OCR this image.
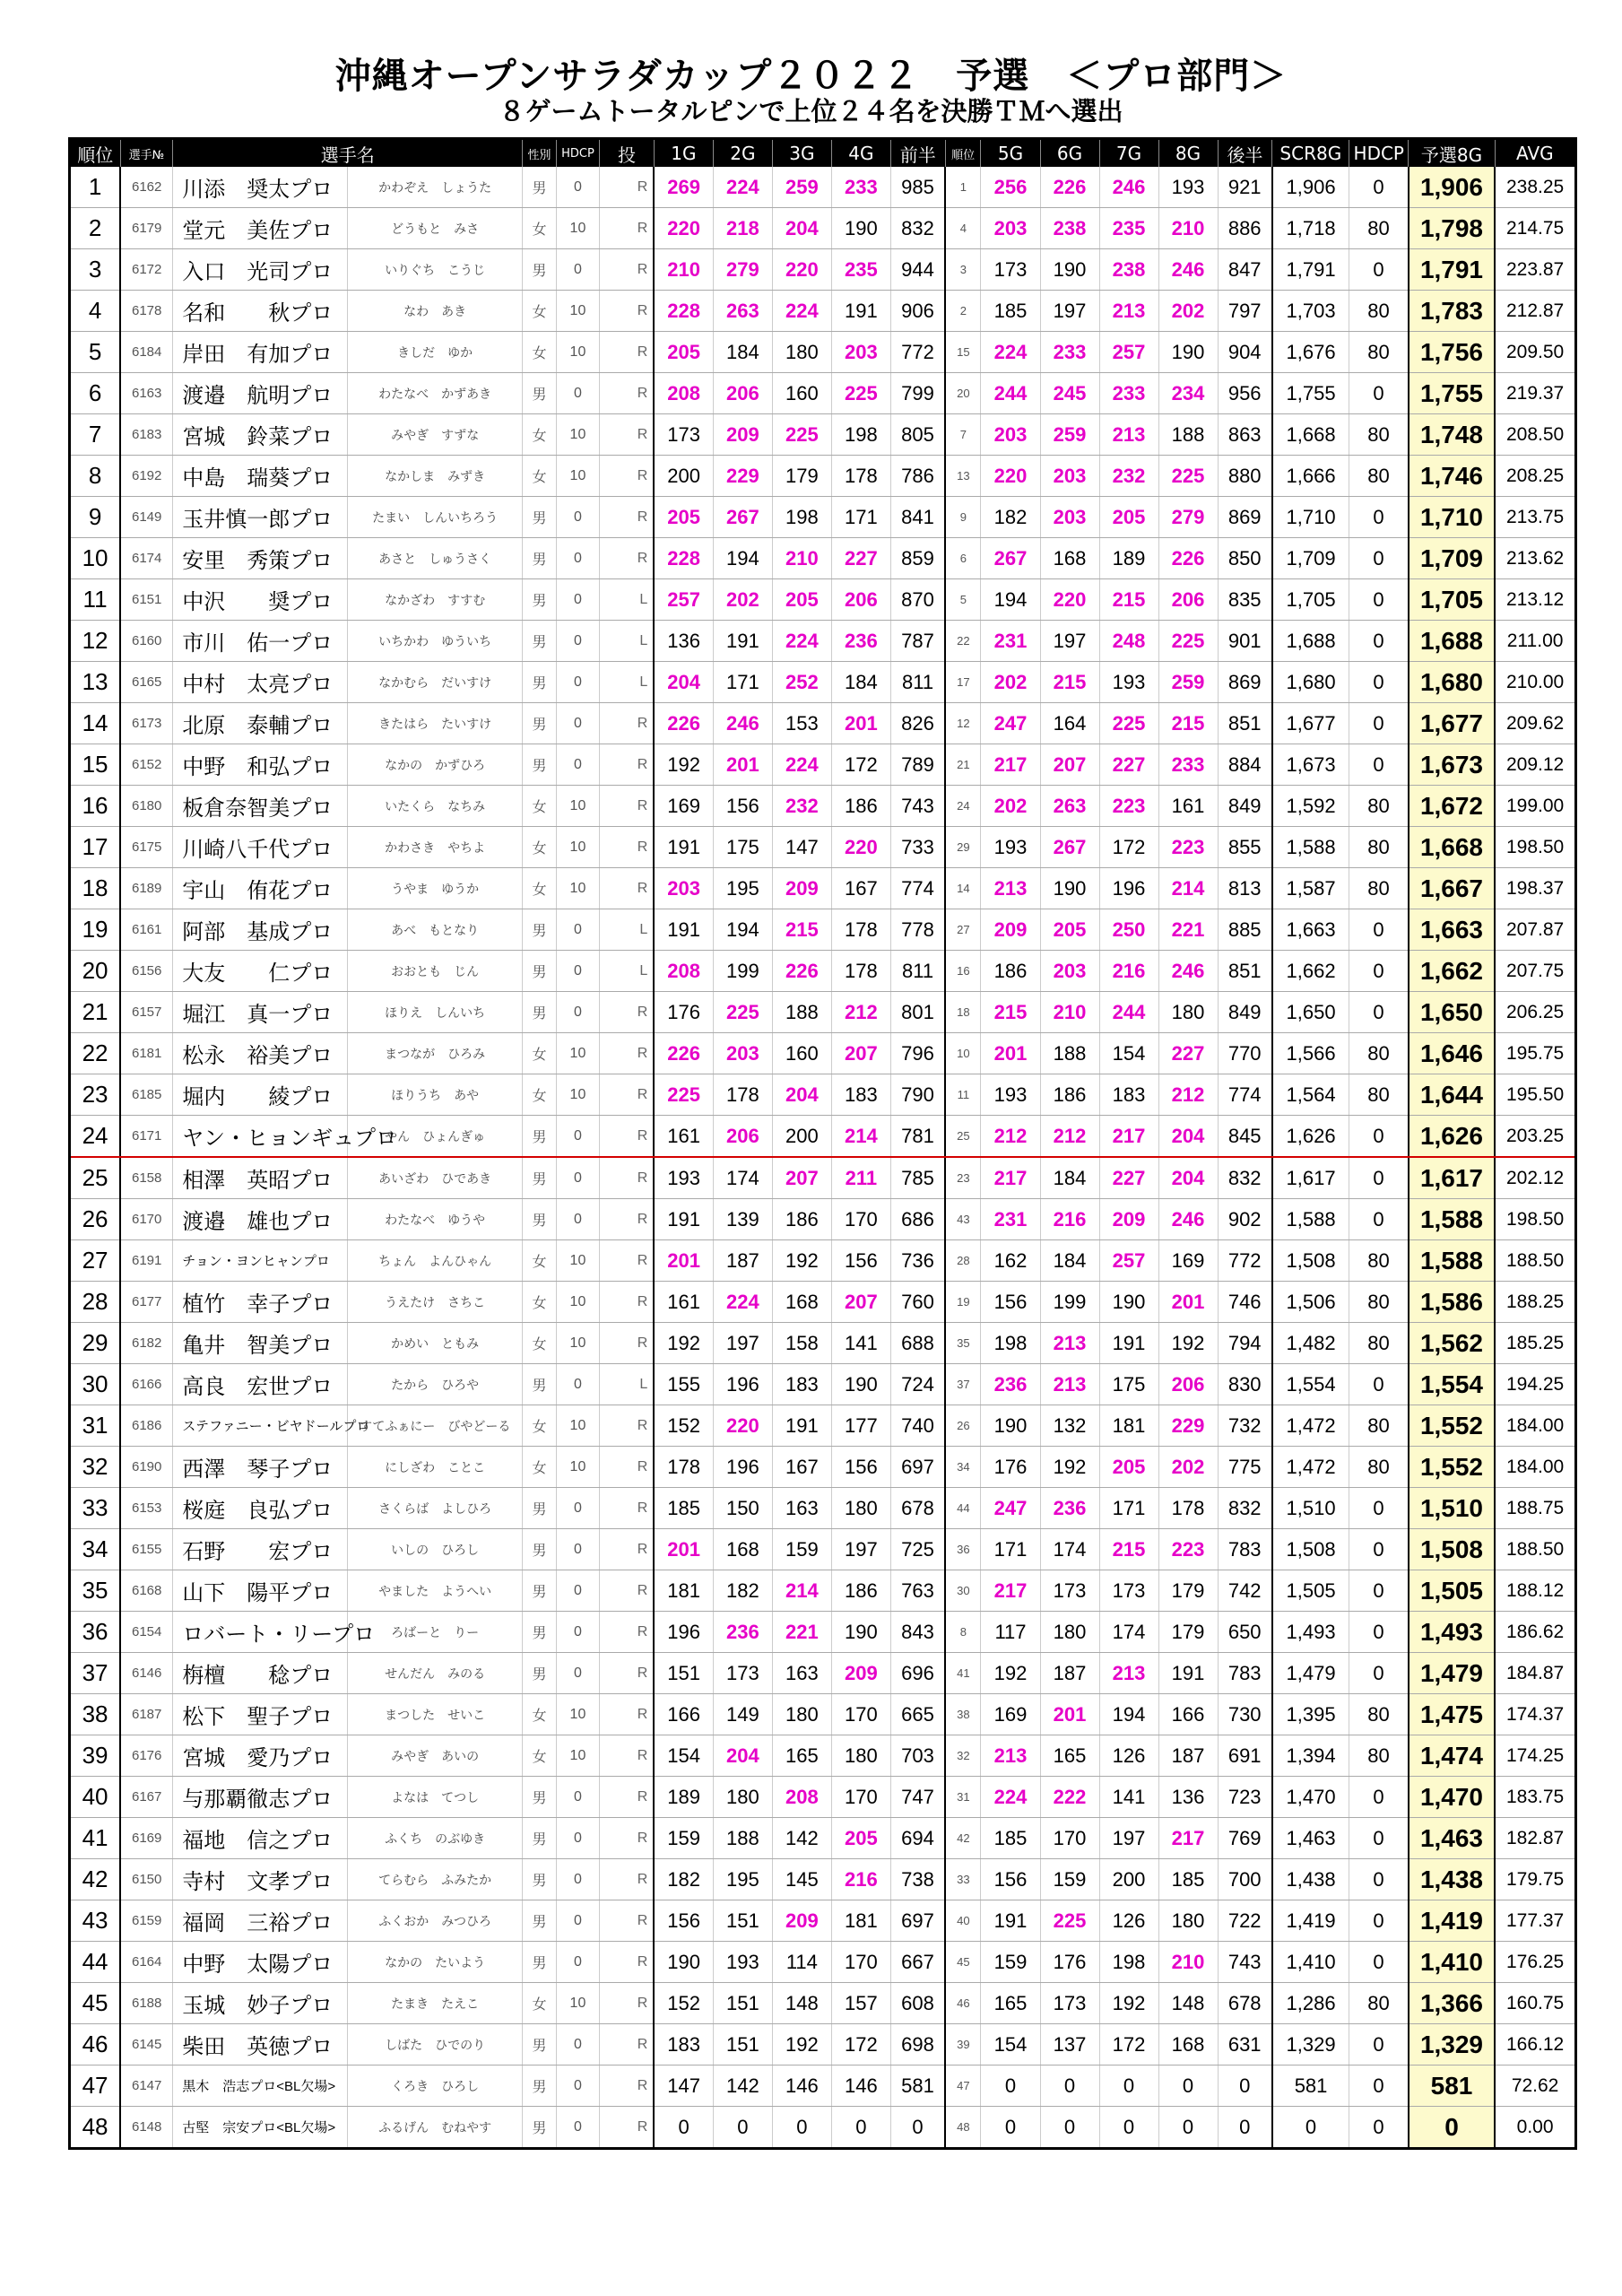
沖縄オープンサラダカップ２０２２　予選　＜プロ部門＞
８ゲームトータルピンで上位２４名を決勝ＴＭへ選出
順位	選手№	選手名		性別	HDCP	投	1G	2G	3G	4G	前半	順位	5G	6G	7G	8G	後半	SCR8G	HDCP	予選8G	AVG
1	6162	川添　奨太プロ	かわぞえ　しょうた	男	0	R	269	224	259	233	985	1	256	226	246	193	921	1,906	0	1,906	238.25
2	6179	堂元　美佐プロ	どうもと　みさ	女	10	R	220	218	204	190	832	4	203	238	235	210	886	1,718	80	1,798	214.75
3	6172	入口　光司プロ	いりぐち　こうじ	男	0	R	210	279	220	235	944	3	173	190	238	246	847	1,791	0	1,791	223.87
4	6178	名和　　秋プロ	なわ　あき	女	10	R	228	263	224	191	906	2	185	197	213	202	797	1,703	80	1,783	212.87
5	6184	岸田　有加プロ	きしだ　ゆか	女	10	R	205	184	180	203	772	15	224	233	257	190	904	1,676	80	1,756	209.50
6	6163	渡邉　航明プロ	わたなべ　かずあき	男	0	R	208	206	160	225	799	20	244	245	233	234	956	1,755	0	1,755	219.37
7	6183	宮城　鈴菜プロ	みやぎ　すずな	女	10	R	173	209	225	198	805	7	203	259	213	188	863	1,668	80	1,748	208.50
8	6192	中島　瑞葵プロ	なかしま　みずき	女	10	R	200	229	179	178	786	13	220	203	232	225	880	1,666	80	1,746	208.25
9	6149	玉井慎一郎プロ	たまい　しんいちろう	男	0	R	205	267	198	171	841	9	182	203	205	279	869	1,710	0	1,710	213.75
10	6174	安里　秀策プロ	あさと　しゅうさく	男	0	R	228	194	210	227	859	6	267	168	189	226	850	1,709	0	1,709	213.62
11	6151	中沢　　奨プロ	なかざわ　すすむ	男	0	L	257	202	205	206	870	5	194	220	215	206	835	1,705	0	1,705	213.12
12	6160	市川　佑一プロ	いちかわ　ゆういち	男	0	L	136	191	224	236	787	22	231	197	248	225	901	1,688	0	1,688	211.00
13	6165	中村　太亮プロ	なかむら　だいすけ	男	0	L	204	171	252	184	811	17	202	215	193	259	869	1,680	0	1,680	210.00
14	6173	北原　泰輔プロ	きたはら　たいすけ	男	0	R	226	246	153	201	826	12	247	164	225	215	851	1,677	0	1,677	209.62
15	6152	中野　和弘プロ	なかの　かずひろ	男	0	R	192	201	224	172	789	21	217	207	227	233	884	1,673	0	1,673	209.12
16	6180	板倉奈智美プロ	いたくら　なちみ	女	10	R	169	156	232	186	743	24	202	263	223	161	849	1,592	80	1,672	199.00
17	6175	川崎八千代プロ	かわさき　やちよ	女	10	R	191	175	147	220	733	29	193	267	172	223	855	1,588	80	1,668	198.50
18	6189	宇山　侑花プロ	うやま　ゆうか	女	10	R	203	195	209	167	774	14	213	190	196	214	813	1,587	80	1,667	198.37
19	6161	阿部　基成プロ	あべ　もとなり	男	0	L	191	194	215	178	778	27	209	205	250	221	885	1,663	0	1,663	207.87
20	6156	大友　　仁プロ	おおとも　じん	男	0	L	208	199	226	178	811	16	186	203	216	246	851	1,662	0	1,662	207.75
21	6157	堀江　真一プロ	ほりえ　しんいち	男	0	R	176	225	188	212	801	18	215	210	244	180	849	1,650	0	1,650	206.25
22	6181	松永　裕美プロ	まつなが　ひろみ	女	10	R	226	203	160	207	796	10	201	188	154	227	770	1,566	80	1,646	195.75
23	6185	堀内　　綾プロ	ほりうち　あや	女	10	R	225	178	204	183	790	11	193	186	183	212	774	1,564	80	1,644	195.50
24	6171	ヤン・ヒョンギュプロ	やん　ひょんぎゅ	男	0	R	161	206	200	214	781	25	212	212	217	204	845	1,626	0	1,626	203.25
25	6158	相澤　英昭プロ	あいざわ　ひであき	男	0	R	193	174	207	211	785	23	217	184	227	204	832	1,617	0	1,617	202.12
26	6170	渡邉　雄也プロ	わたなべ　ゆうや	男	0	R	191	139	186	170	686	43	231	216	209	246	902	1,588	0	1,588	198.50
27	6191	チョン・ヨンヒャンプロ	ちょん　よんひゃん	女	10	R	201	187	192	156	736	28	162	184	257	169	772	1,508	80	1,588	188.50
28	6177	植竹　幸子プロ	うえたけ　さちこ	女	10	R	161	224	168	207	760	19	156	199	190	201	746	1,506	80	1,586	188.25
29	6182	亀井　智美プロ	かめい　ともみ	女	10	R	192	197	158	141	688	35	198	213	191	192	794	1,482	80	1,562	185.25
30	6166	高良　宏世プロ	たから　ひろや	男	0	L	155	196	183	190	724	37	236	213	175	206	830	1,554	0	1,554	194.25
31	6186	ステファニー・ビヤドールプロ	すてふぁにー　びやどーる	女	10	R	152	220	191	177	740	26	190	132	181	229	732	1,472	80	1,552	184.00
32	6190	西澤　琴子プロ	にしざわ　ことこ	女	10	R	178	196	167	156	697	34	176	192	205	202	775	1,472	80	1,552	184.00
33	6153	桜庭　良弘プロ	さくらば　よしひろ	男	0	R	185	150	163	180	678	44	247	236	171	178	832	1,510	0	1,510	188.75
34	6155	石野　　宏プロ	いしの　ひろし	男	0	R	201	168	159	197	725	36	171	174	215	223	783	1,508	0	1,508	188.50
35	6168	山下　陽平プロ	やました　ようへい	男	0	R	181	182	214	186	763	30	217	173	173	179	742	1,505	0	1,505	188.12
36	6154	ロバート・リープロ	ろばーと　りー	男	0	R	196	236	221	190	843	8	117	180	174	179	650	1,493	0	1,493	186.62
37	6146	栴檀　　稔プロ	せんだん　みのる	男	0	R	151	173	163	209	696	41	192	187	213	191	783	1,479	0	1,479	184.87
38	6187	松下　聖子プロ	まつした　せいこ	女	10	R	166	149	180	170	665	38	169	201	194	166	730	1,395	80	1,475	174.37
39	6176	宮城　愛乃プロ	みやぎ　あいの	女	10	R	154	204	165	180	703	32	213	165	126	187	691	1,394	80	1,474	174.25
40	6167	与那覇徹志プロ	よなは　てつし	男	0	R	189	180	208	170	747	31	224	222	141	136	723	1,470	0	1,470	183.75
41	6169	福地　信之プロ	ふくち　のぶゆき	男	0	R	159	188	142	205	694	42	185	170	197	217	769	1,463	0	1,463	182.87
42	6150	寺村　文孝プロ	てらむら　ふみたか	男	0	R	182	195	145	216	738	33	156	159	200	185	700	1,438	0	1,438	179.75
43	6159	福岡　三裕プロ	ふくおか　みつひろ	男	0	R	156	151	209	181	697	40	191	225	126	180	722	1,419	0	1,419	177.37
44	6164	中野　太陽プロ	なかの　たいよう	男	0	R	190	193	114	170	667	45	159	176	198	210	743	1,410	0	1,410	176.25
45	6188	玉城　妙子プロ	たまき　たえこ	女	10	R	152	151	148	157	608	46	165	173	192	148	678	1,286	80	1,366	160.75
46	6145	柴田　英徳プロ	しばた　ひでのり	男	0	R	183	151	192	172	698	39	154	137	172	168	631	1,329	0	1,329	166.12
47	6147	黒木　浩志プロ<BL欠場>	くろき　ひろし	男	0	R	147	142	146	146	581	47	0	0	0	0	0	581	0	581	72.62
48	6148	古堅　宗安プロ<BL欠場>	ふるげん　むねやす	男	0	R	0	0	0	0	0	48	0	0	0	0	0	0	0	0	0.00
